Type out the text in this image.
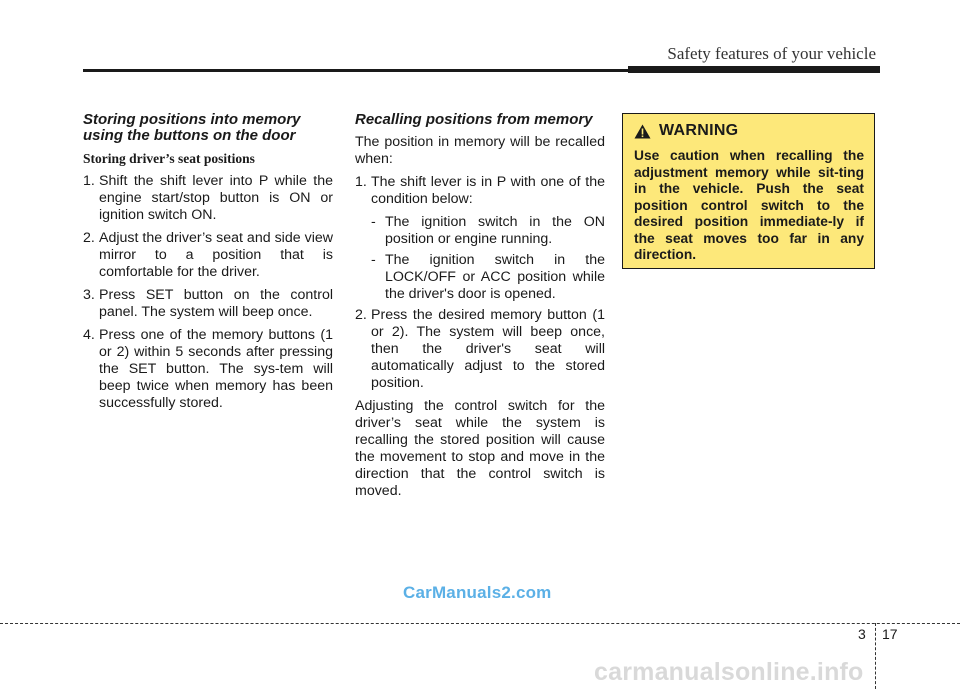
Safety features of your vehicle

Storing positions into memory using the buttons on the door

Storing driver’s seat positions

1. Shift the shift lever into P while the engine start/stop button is ON or ignition switch ON.
2. Adjust the driver’s seat and side view mirror to a position that is comfortable for the driver.
3. Press SET button on the control panel. The system will beep once.
4. Press one of the memory buttons (1 or 2) within 5 seconds after pressing the SET button. The sys-tem will beep twice when memory has been successfully stored.

Recalling positions from memory

The position in memory will be recalled when:

1. The shift lever is in P with one of the condition below:
- The ignition switch in the ON position or engine running.
- The ignition switch in the LOCK/OFF or ACC position while the driver's door is opened.
2. Press the desired memory button (1 or 2). The system will beep once, then the driver's seat will automatically adjust to the stored position.

Adjusting the control switch for the driver’s seat while the system is recalling the stored position will cause the movement to stop and move in the direction that the control switch is moved.

WARNING
Use caution when recalling the adjustment memory while sit-ting in the vehicle. Push the seat position control switch to the desired position immediate-ly if the seat moves too far in any direction.
CarManuals2.com
3 17
carmanualsonline.info
